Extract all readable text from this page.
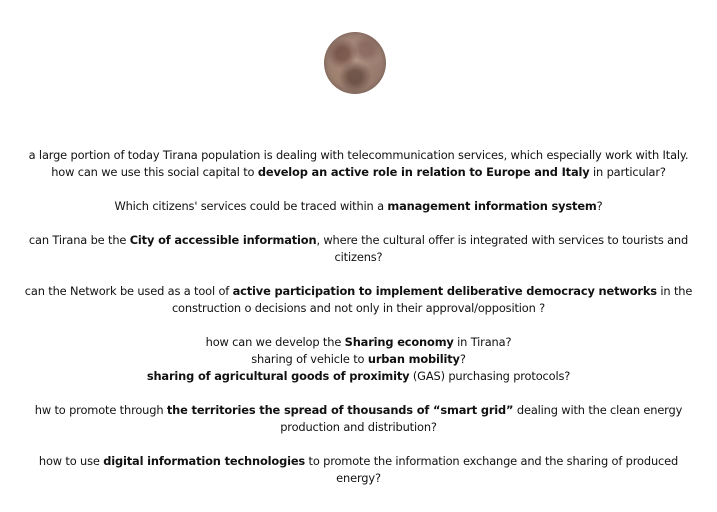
a large portion of today Tirana population is dealing with telecommunication services, which especially work with Italy.
how can we use this social capital to develop an active role in relation to Europe and Italy in particular?

Which citizens' services could be traced within a management information system?

can Tirana be the City of accessible information, where the cultural offer is integrated with services to tourists and
citizens?

can the Network be used as a tool of active participation to implement deliberative democracy networks in the
construction o decisions and not only in their approval/opposition ?

how can we develop the Sharing economy in Tirana?
sharing of vehicle to urban mobility?
sharing of agricultural goods of proximity (GAS) purchasing protocols?

hw to promote through the territories the spread of thousands of “smart grid” dealing with the clean energy
production and distribution?

how to use digital information technologies to promote the information exchange and the sharing of produced
energy?
